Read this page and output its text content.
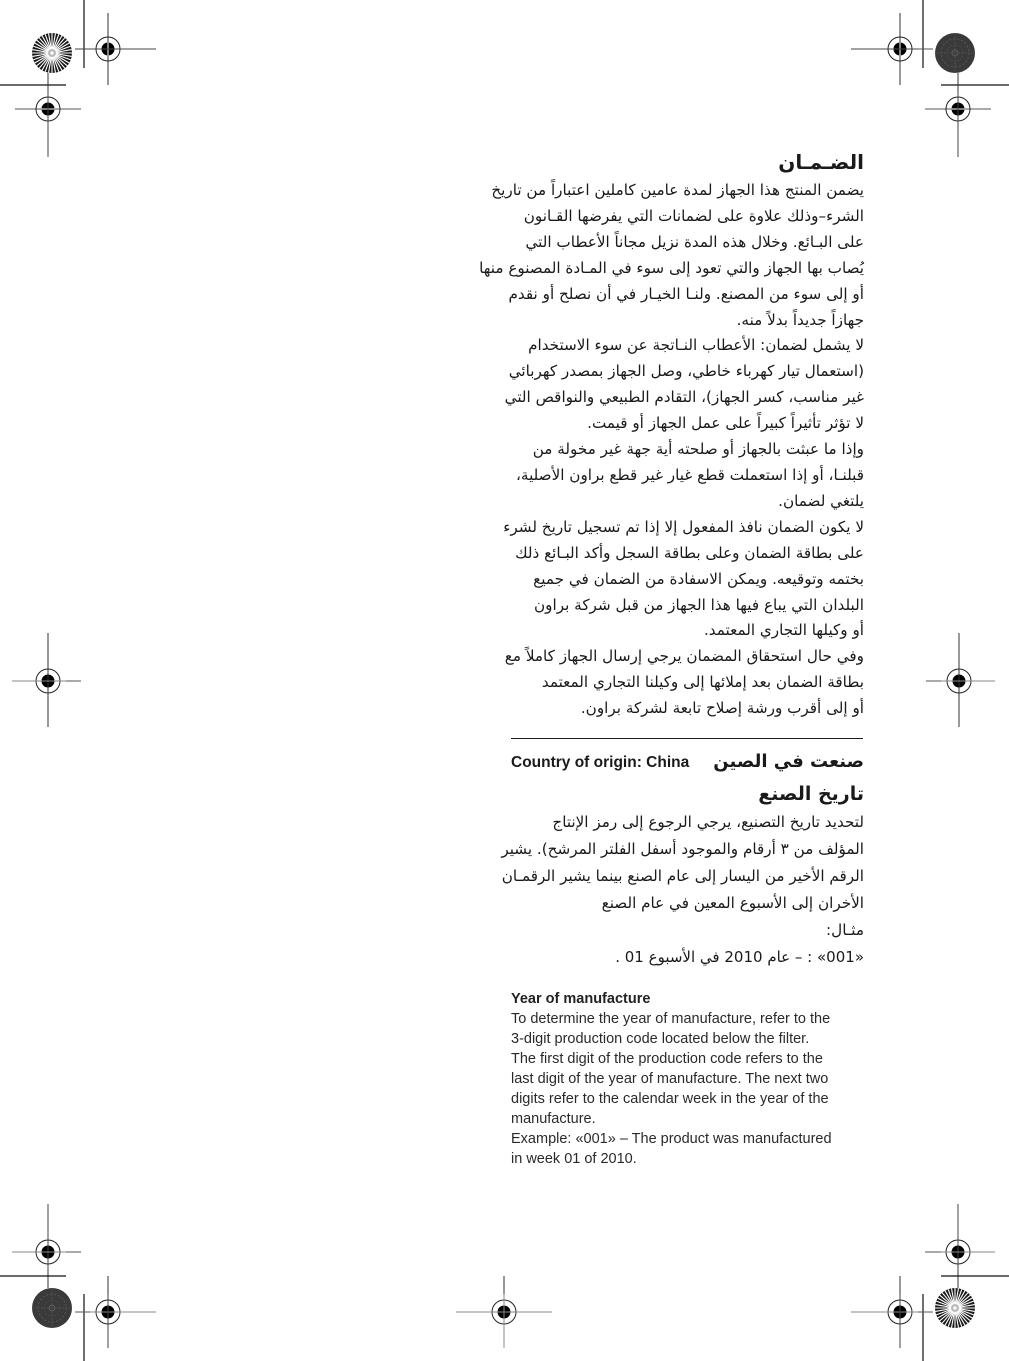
الضـمـان

يضمن المنتج هذا الجهاز لمدة عامين كاملين اعتباراً من تاريخ

الشرء–وذلك علاوة على لضمانات التي يفرضها القـانون

على البـائع. وخلال هذه المدة نزيل مجاناً الأعطاب التي

يُصاب بها الجهاز والتي تعود إلى سوء في المـادة المصنوع منها

أو إلى سوء من المصنع. ولنـا الخيـار في أن نصلح أو نقدم

جهازاً جديداً بدلاً منه.

لا يشمل لضمان: الأعطاب النـاتجة عن سوء الاستخدام

(استعمال تيار كهرباء خاطي، وصل الجهاز بمصدر كهربائي

غير مناسب، كسر الجهاز)، التقادم الطبيعي والنواقص التي

لا تؤثر تأثيراً كبيراً على عمل الجهاز أو قيمت.

وإذا ما عبثت بالجهاز أو صلحته أية جهة غير مخولة من

قبلنـا، أو إذا استعملت قطع غيار غير قطع براون الأصلية،

يلتغي لضمان.

لا يكون الضمان نافذ المفعول إلا إذا تم تسجيل تاريخ لشرء

على بطاقة الضمان وعلى بطاقة السجل وأكد البـائع ذلك

بختمه وتوقيعه. ويمكن الاسفادة من الضمان في جميع

البلدان التي يباع فيها هذا الجهاز من قبل شركة براون

أو وكيلها التجاري المعتمد.

وفي حال استحقاق المضمان يرجي إرسال الجهاز كاملاً مع

بطاقة الضمان بعد إملائها إلى وكيلنا التجاري المعتمد

أو إلى أقرب ورشة إصلاح تابعة لشركة براون.

Country of origin: China صنعت في الصين
تاريخ الصنع

لتحديد تاريخ التصنيع، يرجي الرجوع إلى رمز الإنتاج

المؤلف من ٣ أرقام والموجود أسفل الفلتر المرشح). يشير

الرقم الأخير من اليسار إلى عام الصنع بينما يشير الرقمـان

الأخران إلى الأسبوع المعين في عام الصنع

مثـال:

«001» : – عام 2010 في الأسبوع 01 .

Year of manufacture

To determine the year of manufacture, refer to the

3-digit production code located below the filter.

The first digit of the production code refers to the

last digit of the year of manufacture. The next two

digits refer to the calendar week in the year of the

manufacture.

Example: «001» – The product was manufactured

in week 01 of 2010.
